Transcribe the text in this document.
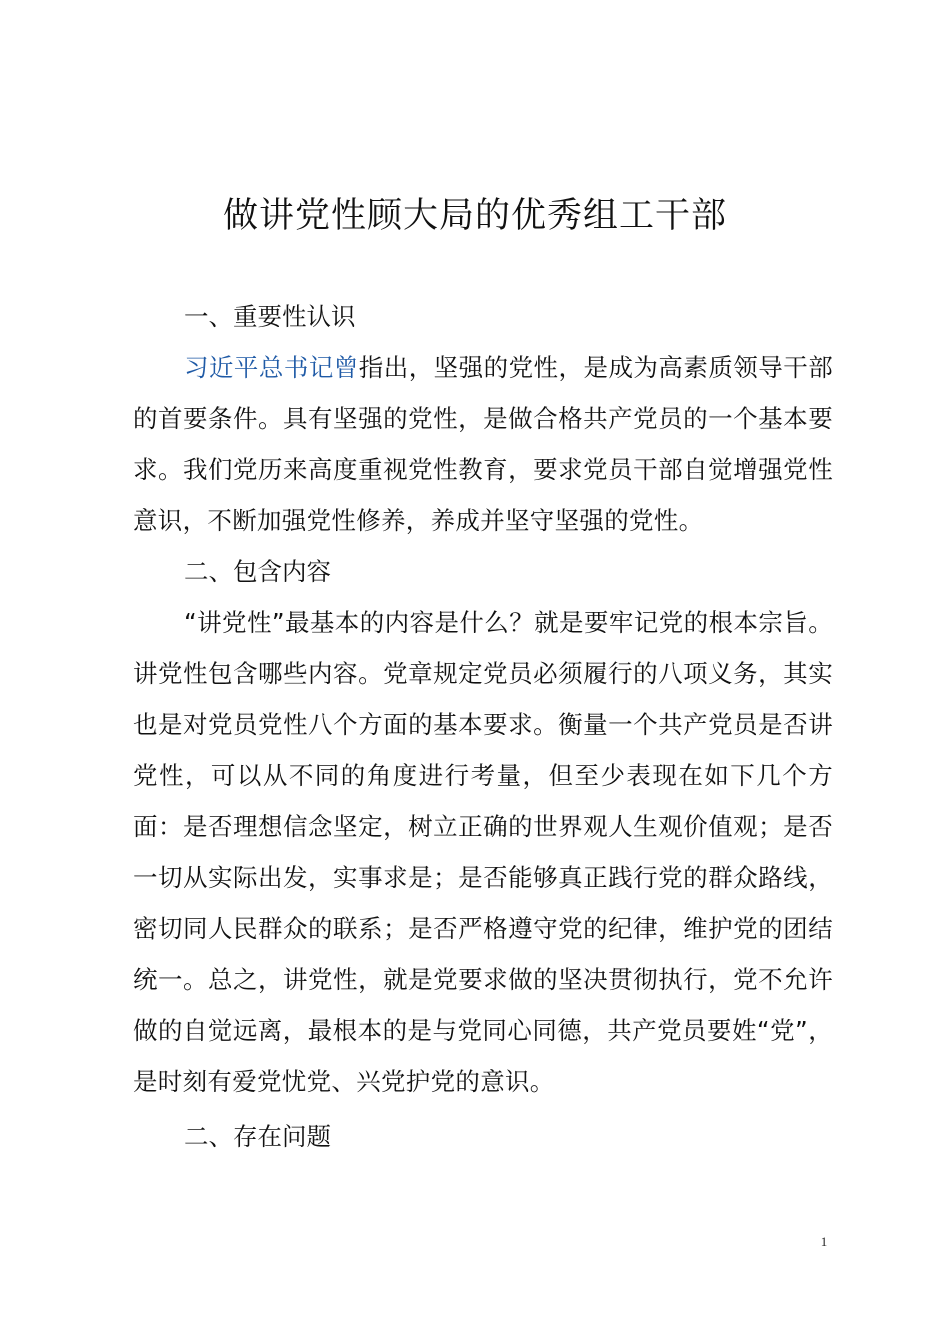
做讲党性顾大局的优秀组工干部

一、重要性认识

习近平总书记曾指出，坚强的党性，是成为高素质领导干部的首要条件。具有坚强的党性，是做合格共产党员的一个基本要求。我们党历来高度重视党性教育，要求党员干部自觉增强党性意识，不断加强党性修养，养成并坚守坚强的党性。

二、包含内容

“讲党性”最基本的内容是什么？就是要牢记党的根本宗旨。讲党性包含哪些内容。党章规定党员必须履行的八项义务，其实也是对党员党性八个方面的基本要求。衡量一个共产党员是否讲党性，可以从不同的角度进行考量，但至少表现在如下几个方面：是否理想信念坚定，树立正确的世界观人生观价值观；是否一切从实际出发，实事求是；是否能够真正践行党的群众路线，密切同人民群众的联系；是否严格遵守党的纪律，维护党的团结统一。总之，讲党性，就是党要求做的坚决贯彻执行，党不允许做的自觉远离，最根本的是与党同心同德，共产党员要姓“党”，是时刻有爱党忧党、兴党护党的意识。

二、存在问题

1
